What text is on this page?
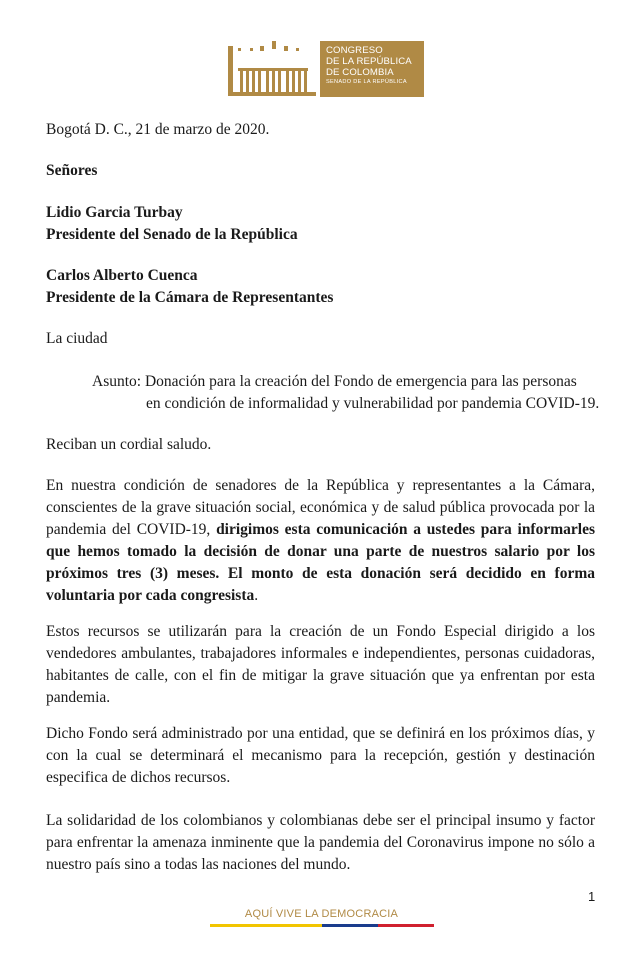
CONGRESO
DE LA REPÚBLICA
DE COLOMBIA
SENADO DE LA REPÚBLICA
Bogotá D. C., 21 de marzo de 2020.
Señores
Lidio Garcia Turbay
Presidente del Senado de la República
Carlos Alberto Cuenca
Presidente de la Cámara de Representantes
La ciudad
Asunto: Donación para la creación del Fondo de emergencia para las personas
en condición de informalidad y vulnerabilidad por pandemia COVID-19.
Reciban un cordial saludo.
En nuestra condición de senadores de la República y representantes a la Cámara, conscientes de la grave situación social, económica y de salud pública provocada por la pandemia del COVID-19, dirigimos esta comunicación a ustedes para informarles que hemos tomado la decisión de donar una parte de nuestros salario por los próximos tres (3) meses. El monto de esta donación será decidido en forma voluntaria por cada congresista.
Estos recursos se utilizarán para la creación de un Fondo Especial dirigido a los vendedores ambulantes, trabajadores informales e independientes, personas cuidadoras, habitantes de calle, con el fin de mitigar la grave situación que ya enfrentan por esta pandemia.
Dicho Fondo será administrado por una entidad, que se definirá en los próximos días, y con la cual se determinará el mecanismo para la recepción, gestión y destinación especifica de dichos recursos.
La solidaridad de los colombianos y colombianas debe ser el principal insumo y factor para enfrentar la amenaza inminente que la pandemia del Coronavirus impone no sólo a nuestro país sino a todas las naciones del mundo.
1
AQUÍ VIVE LA DEMOCRACIA
